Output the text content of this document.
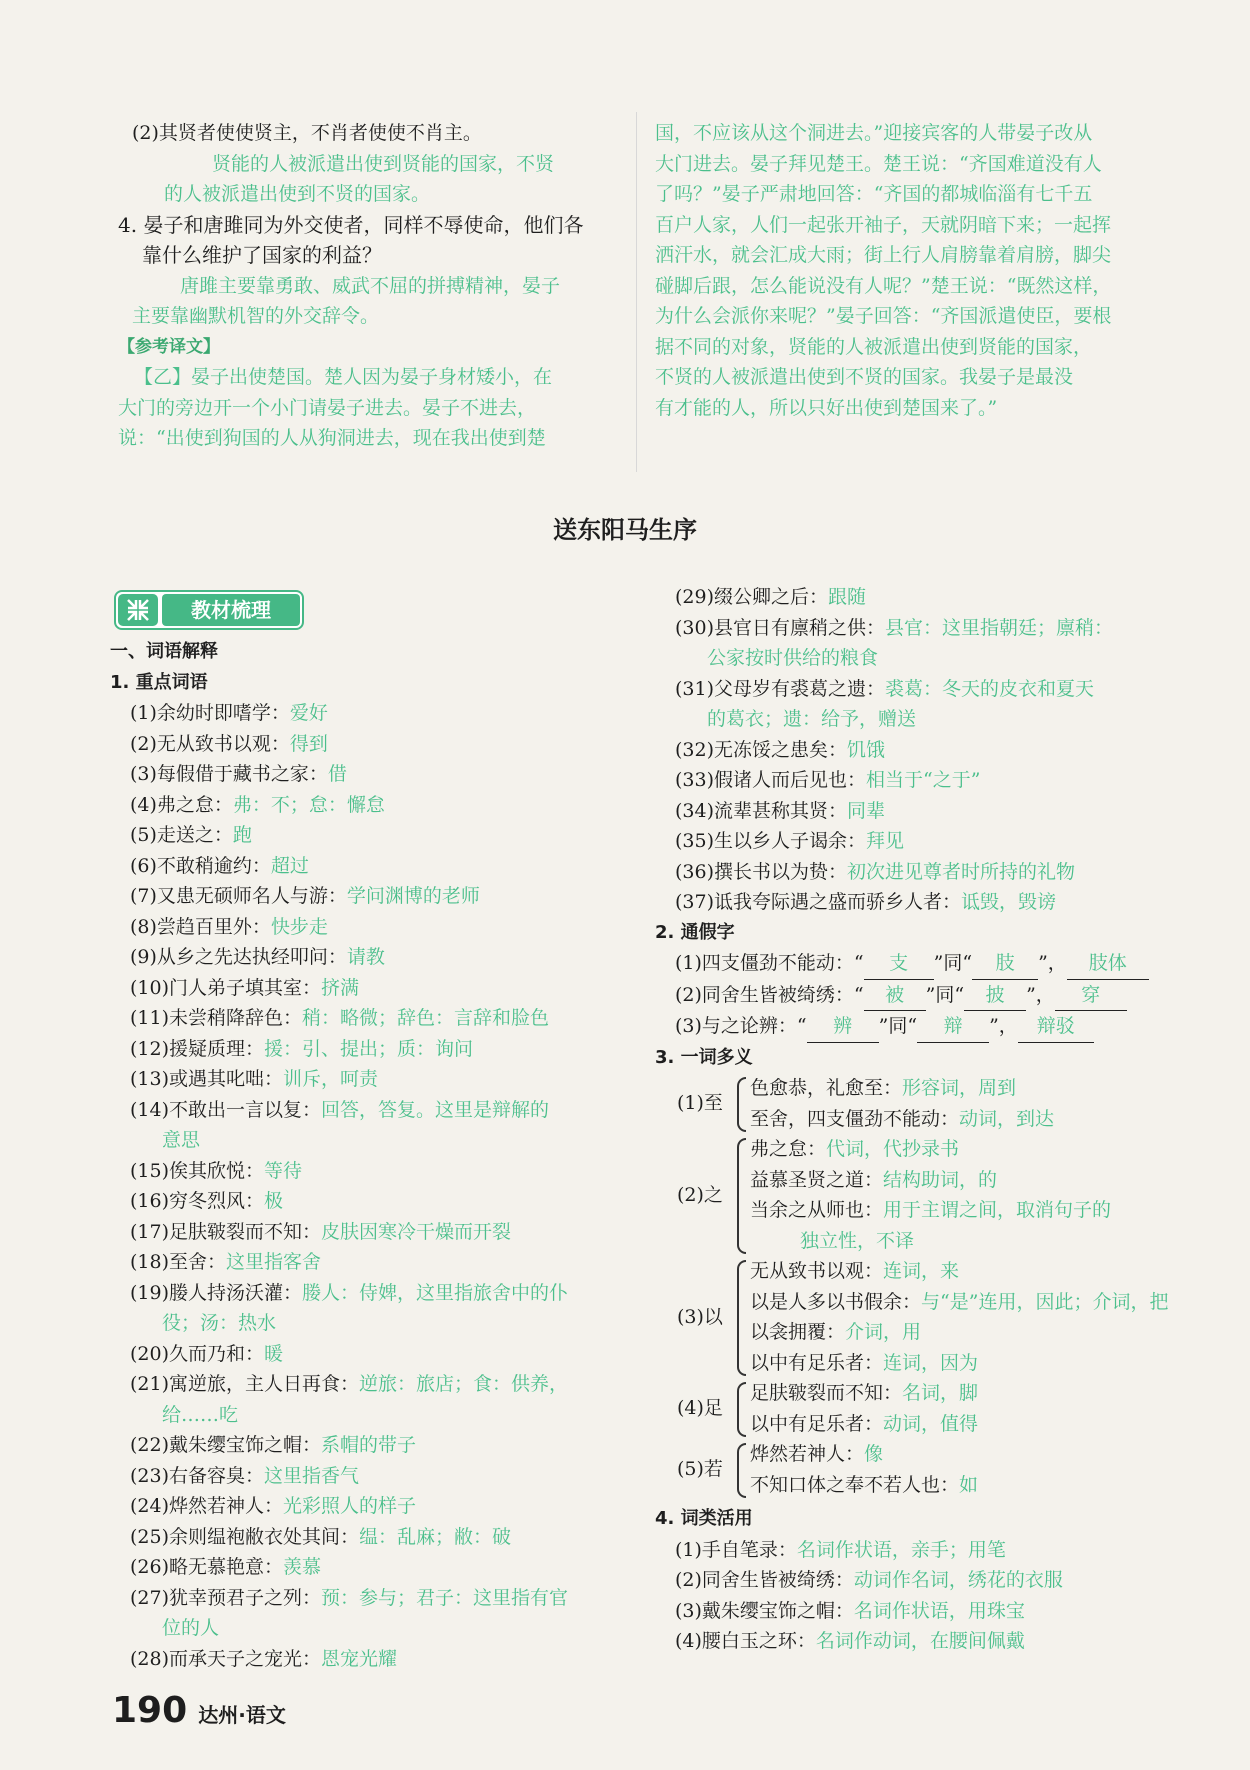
(2)其贤者使使贤主，不肖者使使不肖主。
贤能的人被派遣出使到贤能的国家，不贤
的人被派遣出使到不贤的国家。
4. 晏子和唐雎同为外交使者，同样不辱使命，他们各
靠什么维护了国家的利益？
唐雎主要靠勇敢、威武不屈的拼搏精神，晏子
主要靠幽默机智的外交辞令。
【参考译文】
【乙】晏子出使楚国。楚人因为晏子身材矮小，在
大门的旁边开一个小门请晏子进去。晏子不进去，
说：“出使到狗国的人从狗洞进去，现在我出使到楚
国，不应该从这个洞进去。”迎接宾客的人带晏子改从
大门进去。晏子拜见楚王。楚王说：“齐国难道没有人
了吗？”晏子严肃地回答：“齐国的都城临淄有七千五
百户人家，人们一起张开袖子，天就阴暗下来；一起挥
洒汗水，就会汇成大雨；街上行人肩膀靠着肩膀，脚尖
碰脚后跟，怎么能说没有人呢？”楚王说：“既然这样，
为什么会派你来呢？”晏子回答：“齐国派遣使臣，要根
据不同的对象，贤能的人被派遣出使到贤能的国家，
不贤的人被派遣出使到不贤的国家。我晏子是最没
有才能的人，所以只好出使到楚国来了。”
送东阳马生序
教材梳理
一、词语解释
1. 重点词语
(1)余幼时即嗜学：爱好
(2)无从致书以观：得到
(3)每假借于藏书之家：借
(4)弗之怠：弗：不；怠：懈怠
(5)走送之：跑
(6)不敢稍逾约：超过
(7)又患无硕师名人与游：学问渊博的老师
(8)尝趋百里外：快步走
(9)从乡之先达执经叩问：请教
(10)门人弟子填其室：挤满
(11)未尝稍降辞色：稍：略微；辞色：言辞和脸色
(12)援疑质理：援：引、提出；质：询问
(13)或遇其叱咄：训斥，呵责
(14)不敢出一言以复：回答，答复。这里是辩解的
意思
(15)俟其欣悦：等待
(16)穷冬烈风：极
(17)足肤皲裂而不知：皮肤因寒冷干燥而开裂
(18)至舍：这里指客舍
(19)媵人持汤沃灌：媵人：侍婢，这里指旅舍中的仆
役；汤：热水
(20)久而乃和：暖
(21)寓逆旅，主人日再食：逆旅：旅店；食：供养，
给……吃
(22)戴朱缨宝饰之帽：系帽的带子
(23)右备容臭：这里指香气
(24)烨然若神人：光彩照人的样子
(25)余则缊袍敝衣处其间：缊：乱麻；敝：破
(26)略无慕艳意：羡慕
(27)犹幸预君子之列：预：参与；君子：这里指有官
位的人
(28)而承天子之宠光：恩宠光耀
(29)缀公卿之后：跟随
(30)县官日有廪稍之供：县官：这里指朝廷；廪稍：
公家按时供给的粮食
(31)父母岁有裘葛之遗：裘葛：冬天的皮衣和夏天
的葛衣；遗：给予，赠送
(32)无冻馁之患矣：饥饿
(33)假诸人而后见也：相当于“之于”
(34)流辈甚称其贤：同辈
(35)生以乡人子谒余：拜见
(36)撰长书以为贽：初次进见尊者时所持的礼物
(37)诋我夸际遇之盛而骄乡人者：诋毁，毁谤
2. 通假字
(1)四支僵劲不能动：“ 支 ”同“ 肢 ”， 肢体
(2)同舍生皆被绮绣：“ 被 ”同“ 披 ”， 穿
(3)与之论辨：“ 辨 ”同“ 辩 ”， 辩驳
3. 一词多义
(1)至
色愈恭，礼愈至：形容词，周到
至舍，四支僵劲不能动：动词，到达
(2)之
弗之怠：代词，代抄录书
益慕圣贤之道：结构助词，的
当余之从师也：用于主谓之间，取消句子的
独立性，不译
(3)以
无从致书以观：连词，来
以是人多以书假余：与“是”连用，因此；介词，把
以衾拥覆：介词，用
以中有足乐者：连词，因为
(4)足
足肤皲裂而不知：名词，脚
以中有足乐者：动词，值得
(5)若
烨然若神人：像
不知口体之奉不若人也：如
4. 词类活用
(1)手自笔录：名词作状语，亲手；用笔
(2)同舍生皆被绮绣：动词作名词，绣花的衣服
(3)戴朱缨宝饰之帽：名词作状语，用珠宝
(4)腰白玉之环：名词作动词，在腰间佩戴
190 达州·语文
